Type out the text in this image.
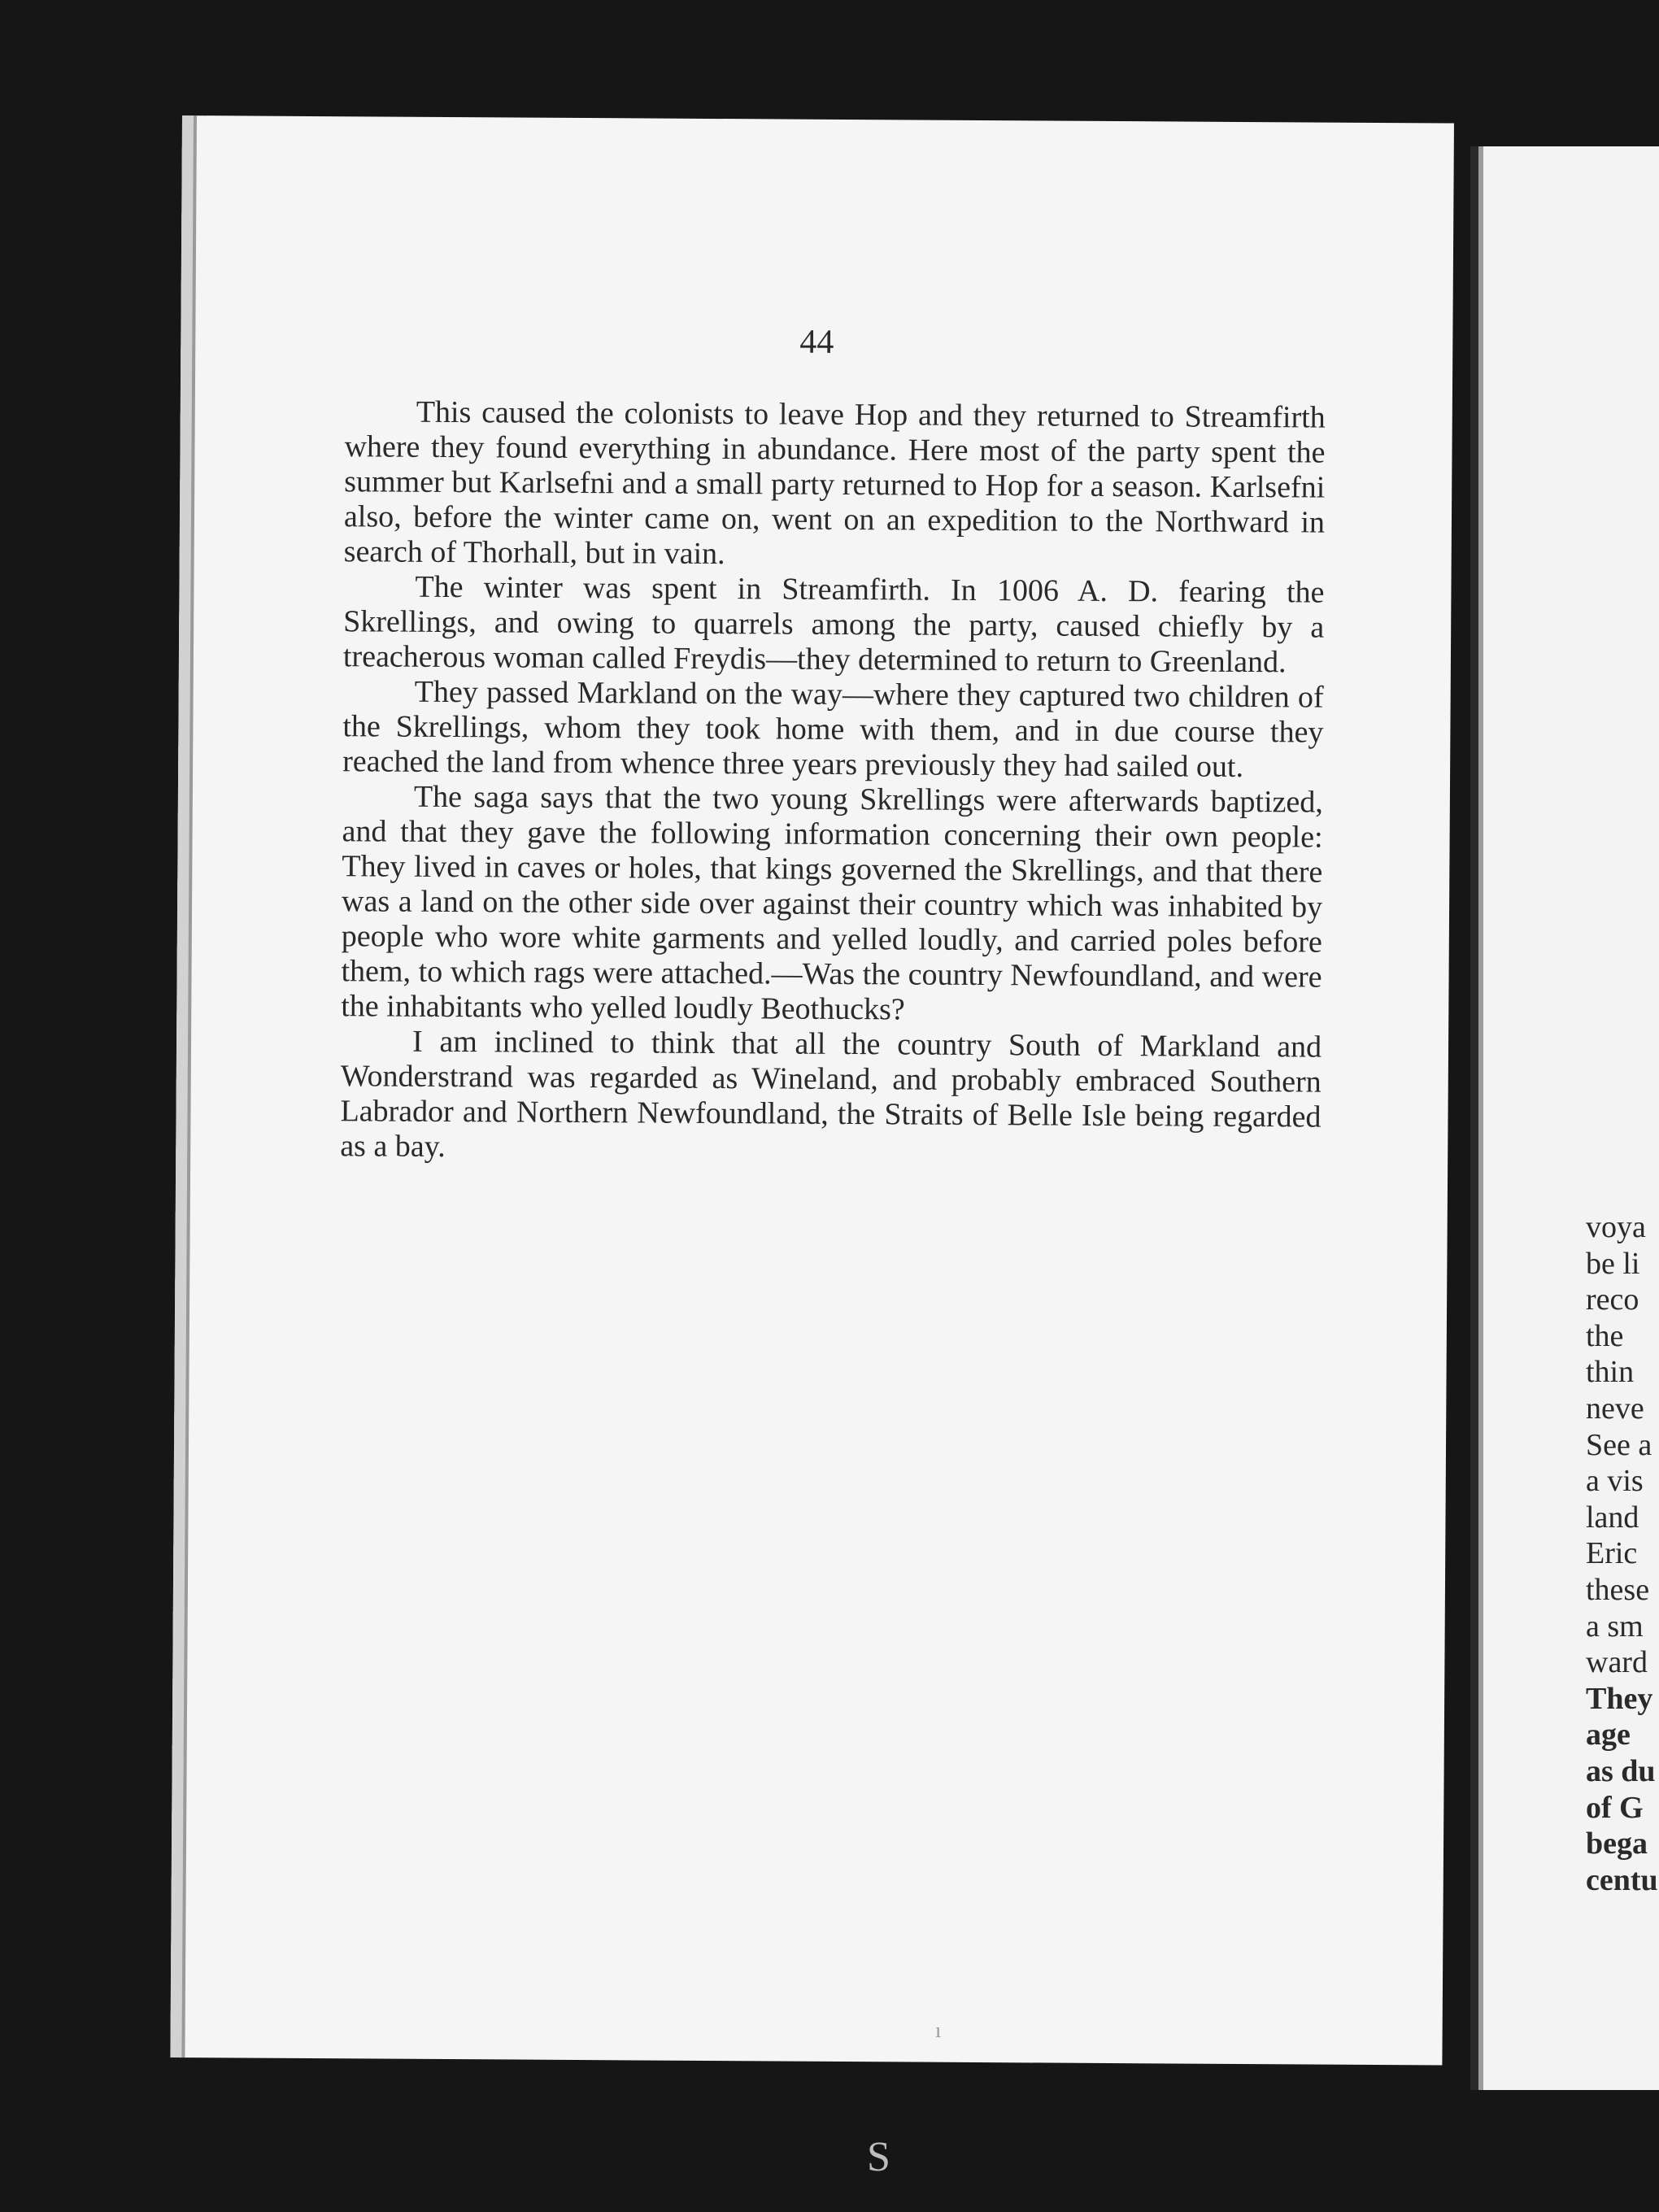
44

This caused the colonists to leave Hop and they returned to Streamfirth where they found everything in abundance. Here most of the party spent the summer but Karlsefni and a small party returned to Hop for a season. Karlsefni also, before the winter came on, went on an expedition to the Northward in search of Thorhall, but in vain.

The winter was spent in Streamfirth. In 1006 A. D. fearing the Skrellings, and owing to quarrels among the party, caused chiefly by a treacherous woman called Freydis—they determined to return to Greenland.

They passed Markland on the way—where they captured two children of the Skrellings, whom they took home with them, and in due course they reached the land from whence three years previously they had sailed out.

The saga says that the two young Skrellings were afterwards baptized, and that they gave the following information concerning their own people: They lived in caves or holes, that kings governed the Skrellings, and that there was a land on the other side over against their country which was inhabited by people who wore white garments and yelled loudly, and carried poles before them, to which rags were attached.—Was the country Newfoundland, and were the inhabitants who yelled loudly Beothucks?

I am inclined to think that all the country South of Markland and Wonderstrand was regarded as Wineland, and probably embraced Southern Labrador and Northern Newfoundland, the Straits of Belle Isle being regarded as a bay.

voya
be li
reco
the
thin
neve
See a
a vis
land
Eric
these
a sm
ward
They
age
as du
of G
bega
centu
ı
S
